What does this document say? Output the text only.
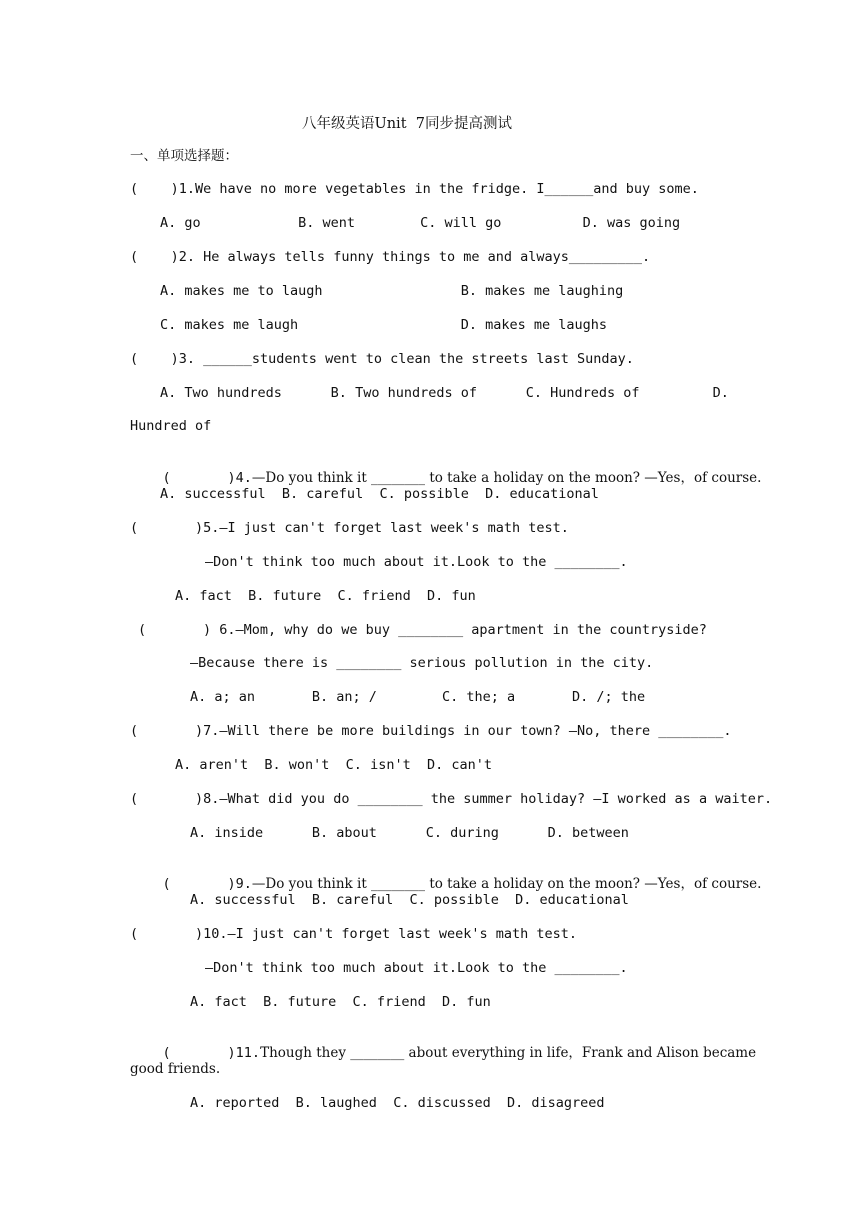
八年级英语Unit  7同步提高测试
一、单项选择题：
(    )1.We have no more vegetables in the fridge. I______and buy some.
A. go            B. went        C. will go          D. was going
(    )2. He always tells funny things to me and always_________.
A. makes me to laugh                 B. makes me laughing
C. makes me laugh                    D. makes me laughs
(    )3. ______students went to clean the streets last Sunday.
A. Two hundreds      B. Two hundreds of      C. Hundreds of         D.
Hundred of

(       )4.—Do you think it ________ to take a holiday on the moon? —Yes，of course.

A. successful  B. careful  C. possible  D. educational
(       )5.—I just can't forget last week's math test.
—Don't think too much about it.Look to the ________.
A. fact  B. future  C. friend  D. fun
(       ) 6.—Mom, why do we buy ________ apartment in the countryside?
—Because there is ________ serious pollution in the city.
A. a; an       B. an; /        C. the; a       D. /; the
(       )7.—Will there be more buildings in our town? —No, there ________.
A. aren't  B. won't  C. isn't  D. can't
(       )8.—What did you do ________ the summer holiday? —I worked as a waiter.
A. inside      B. about      C. during      D. between

(       )9.—Do you think it ________ to take a holiday on the moon? —Yes，of course.

A. successful  B. careful  C. possible  D. educational
(       )10.—I just can't forget last week's math test.
—Don't think too much about it.Look to the ________.
A. fact  B. future  C. friend  D. fun

(       )11.Though they ________ about everything in life，Frank and Alison became

good friends.
A. reported  B. laughed  C. discussed  D. disagreed
